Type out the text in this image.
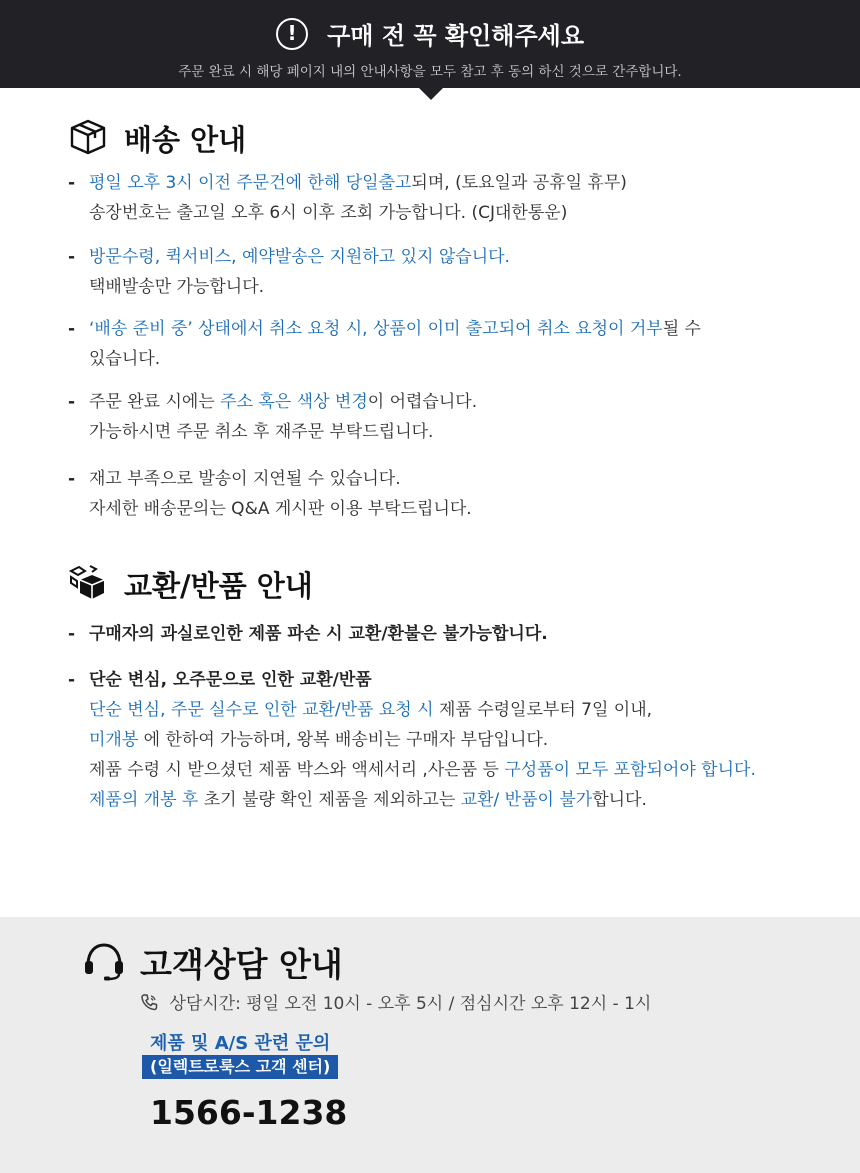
! 구매 전 꼭 확인해주세요
주문 완료 시 해당 페이지 내의 안내사항을 모두 참고 후 동의 하신 것으로 간주합니다.
배송 안내
- 평일 오후 3시 이전 주문건에 한해 당일출고되며, (토요일과 공휴일 휴무)
송장번호는 출고일 오후 6시 이후 조회 가능합니다. (CJ대한통운)
- 방문수령, 퀵서비스, 예약발송은 지원하고 있지 않습니다.
택배발송만 가능합니다.
- ‘배송 준비 중’ 상태에서 취소 요청 시, 상품이 이미 출고되어 취소 요청이 거부될 수
있습니다.
- 주문 완료 시에는 주소 혹은 색상 변경이 어렵습니다.
가능하시면 주문 취소 후 재주문 부탁드립니다.
- 재고 부족으로 발송이 지연될 수 있습니다.
자세한 배송문의는 Q&A 게시판 이용 부탁드립니다.
교환/반품 안내
- 구매자의 과실로인한 제품 파손 시 교환/환불은 불가능합니다.
- 단순 변심, 오주문으로 인한 교환/반품
단순 변심, 주문 실수로 인한 교환/반품 요청 시 제품 수령일로부터 7일 이내,
미개봉 에 한하여 가능하며, 왕복 배송비는 구매자 부담입니다.
제품 수령 시 받으셨던 제품 박스와 액세서리 ,사은품 등 구성품이 모두 포함되어야 합니다.
제품의 개봉 후 초기 불량 확인 제품을 제외하고는 교환/ 반품이 불가합니다.
고객상담 안내
상담시간: 평일 오전 10시 - 오후 5시 / 점심시간 오후 12시 - 1시
제품 및 A/S 관련 문의
(일렉트로룩스 고객 센터)
1566-1238
